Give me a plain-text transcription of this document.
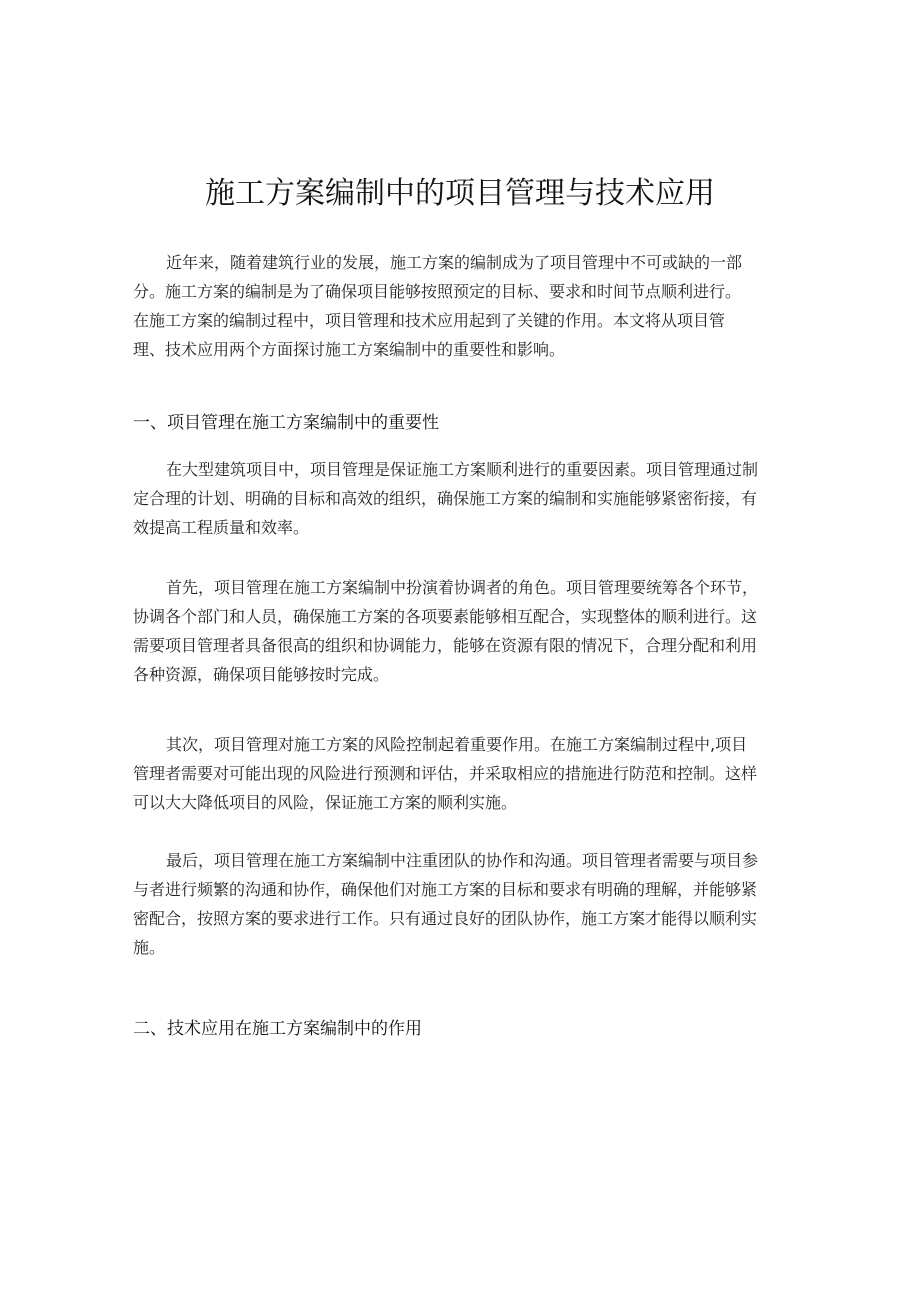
施工方案编制中的项目管理与技术应用

近年来，随着建筑行业的发展，施工方案的编制成为了项目管理中不可或缺的一部
分。施工方案的编制是为了确保项目能够按照预定的目标、要求和时间节点顺利进行。
在施工方案的编制过程中，项目管理和技术应用起到了关键的作用。本文将从项目管
理、技术应用两个方面探讨施工方案编制中的重要性和影响。

一、项目管理在施工方案编制中的重要性

在大型建筑项目中，项目管理是保证施工方案顺利进行的重要因素。项目管理通过制
定合理的计划、明确的目标和高效的组织，确保施工方案的编制和实施能够紧密衔接，有
效提高工程质量和效率。

首先，项目管理在施工方案编制中扮演着协调者的角色。项目管理要统筹各个环节，
协调各个部门和人员，确保施工方案的各项要素能够相互配合，实现整体的顺利进行。这
需要项目管理者具备很高的组织和协调能力，能够在资源有限的情况下，合理分配和利用
各种资源，确保项目能够按时完成。

其次，项目管理对施工方案的风险控制起着重要作用。在施工方案编制过程中,项目
管理者需要对可能出现的风险进行预测和评估，并采取相应的措施进行防范和控制。这样
可以大大降低项目的风险，保证施工方案的顺利实施。

最后，项目管理在施工方案编制中注重团队的协作和沟通。项目管理者需要与项目参
与者进行频繁的沟通和协作，确保他们对施工方案的目标和要求有明确的理解，并能够紧
密配合，按照方案的要求进行工作。只有通过良好的团队协作，施工方案才能得以顺利实
施。

二、技术应用在施工方案编制中的作用
